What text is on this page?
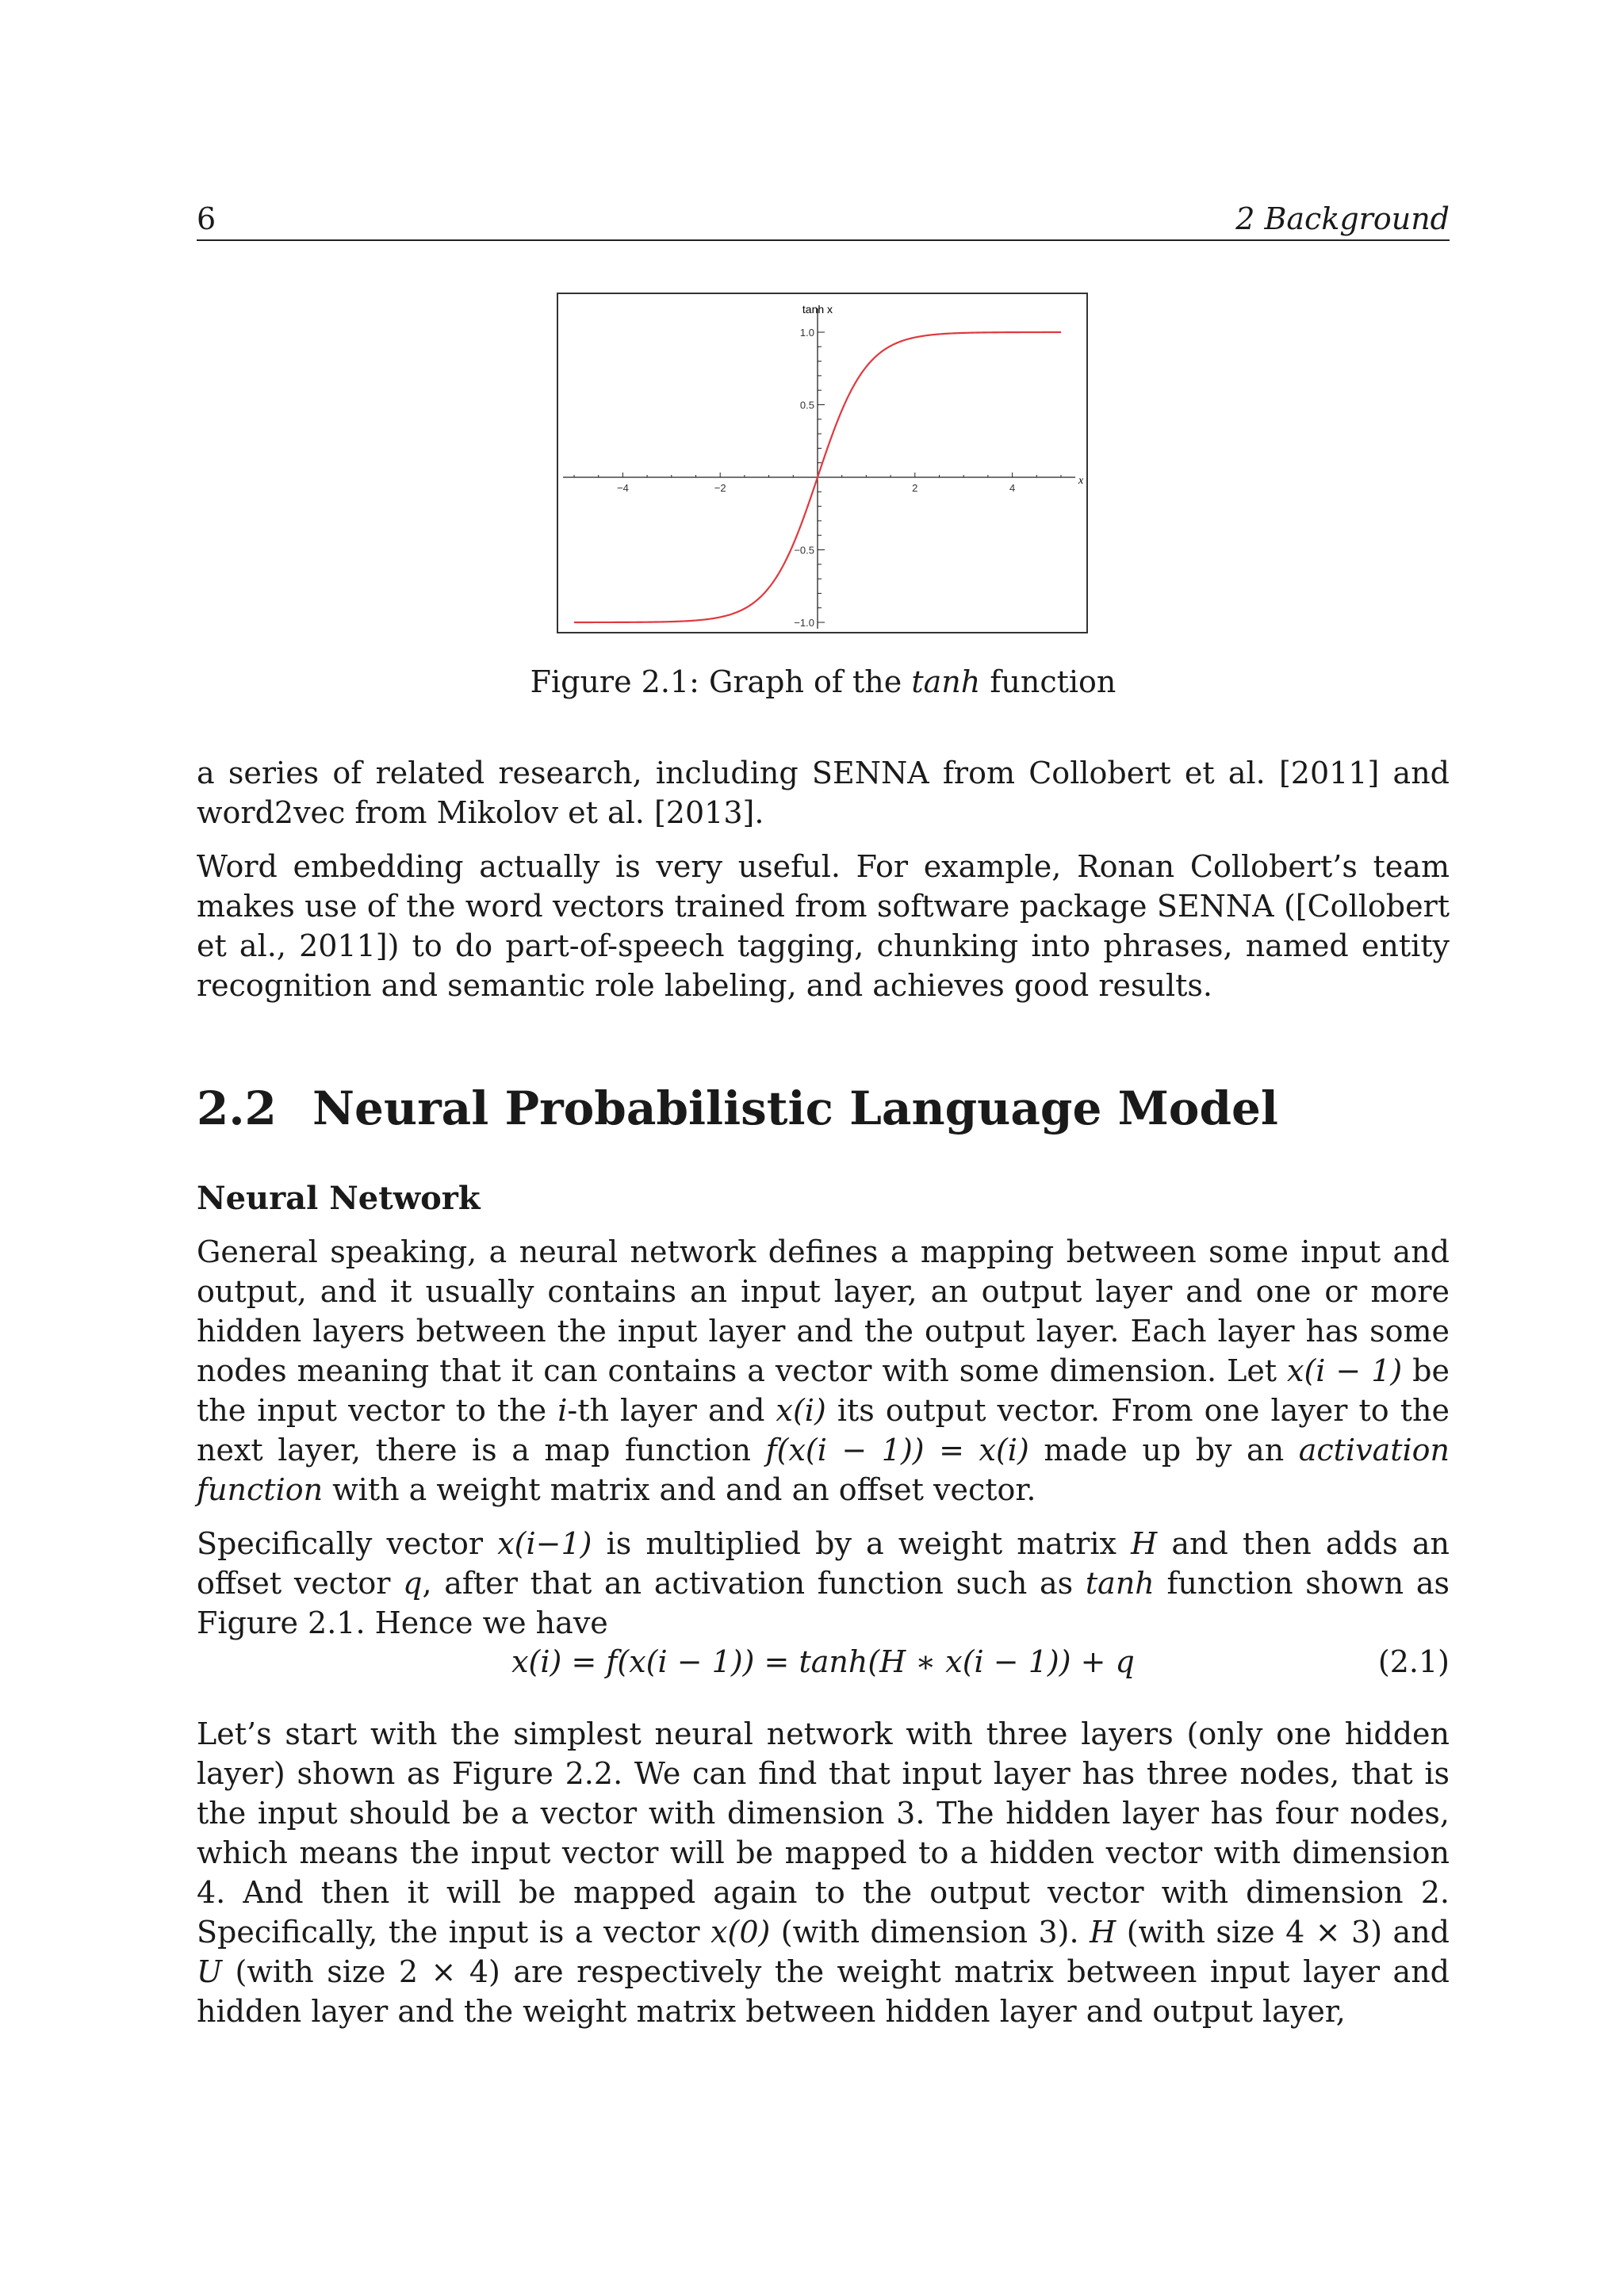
6	2 Background
−4	−2	2	4
1.0
0.5
−0.5
−1.0
tanh x
x
Figure 2.1: Graph of the tanh function

a series of related research, including SENNA from Collobert et al. [2011] and word2vec from Mikolov et al. [2013].

Word embedding actually is very useful. For example, Ronan Collobert’s team makes use of the word vectors trained from software package SENNA ([Collobert et al., 2011]) to do part-of-speech tagging, chunking into phrases, named entity recognition and semantic role labeling, and achieves good results.

2.2 Neural Probabilistic Language Model
Neural Network

General speaking, a neural network defines a mapping between some input and output, and it usually contains an input layer, an output layer and one or more hidden layers between the input layer and the output layer. Each layer has some nodes meaning that it can contains a vector with some dimension. Let x(i − 1) be the input vector to the i-th layer and x(i) its output vector. From one layer to the next layer, there is a map function f(x(i − 1)) = x(i) made up by an activation function with a weight matrix and and an offset vector.

Specifically vector x(i−1) is multiplied by a weight matrix H and then adds an offset vector q, after that an activation function such as tanh function shown as Figure 2.1. Hence we have

x(i) = f(x(i − 1)) = tanh(H ∗ x(i − 1)) + q	(2.1)

Let’s start with the simplest neural network with three layers (only one hidden layer) shown as Figure 2.2. We can find that input layer has three nodes, that is the input should be a vector with dimension 3. The hidden layer has four nodes, which means the input vector will be mapped to a hidden vector with dimension 4. And then it will be mapped again to the output vector with dimension 2. Specifically, the input is a vector x(0) (with dimension 3). H (with size 4 × 3) and U (with size 2 × 4) are respectively the weight matrix between input layer and hidden layer and the weight matrix between hidden layer and output layer,
